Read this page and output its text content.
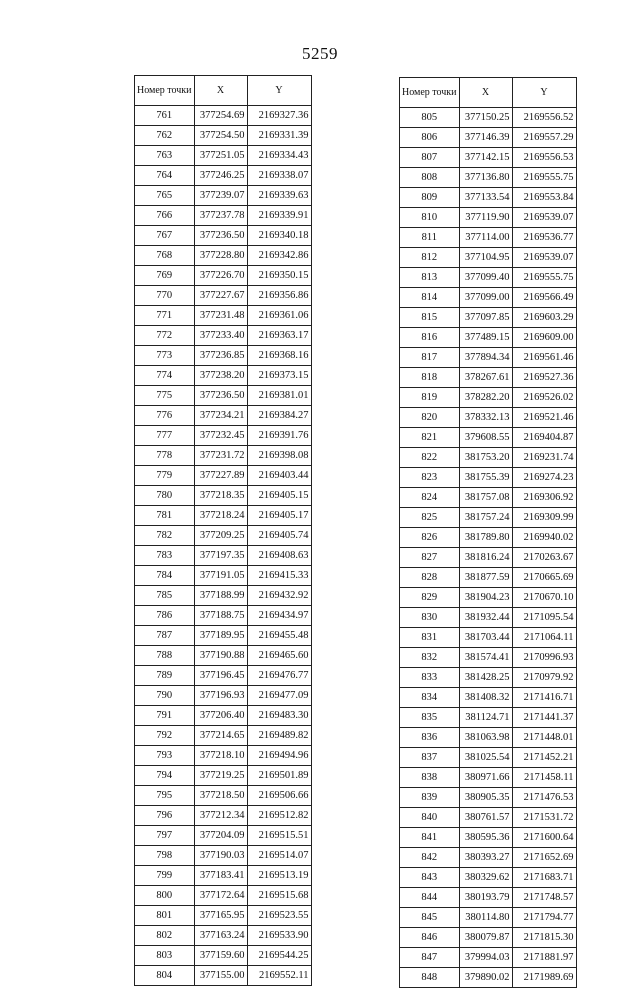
5259
Номер точки	X	Y
761	377254.69	2169327.36
762	377254.50	2169331.39
763	377251.05	2169334.43
764	377246.25	2169338.07
765	377239.07	2169339.63
766	377237.78	2169339.91
767	377236.50	2169340.18
768	377228.80	2169342.86
769	377226.70	2169350.15
770	377227.67	2169356.86
771	377231.48	2169361.06
772	377233.40	2169363.17
773	377236.85	2169368.16
774	377238.20	2169373.15
775	377236.50	2169381.01
776	377234.21	2169384.27
777	377232.45	2169391.76
778	377231.72	2169398.08
779	377227.89	2169403.44
780	377218.35	2169405.15
781	377218.24	2169405.17
782	377209.25	2169405.74
783	377197.35	2169408.63
784	377191.05	2169415.33
785	377188.99	2169432.92
786	377188.75	2169434.97
787	377189.95	2169455.48
788	377190.88	2169465.60
789	377196.45	2169476.77
790	377196.93	2169477.09
791	377206.40	2169483.30
792	377214.65	2169489.82
793	377218.10	2169494.96
794	377219.25	2169501.89
795	377218.50	2169506.66
796	377212.34	2169512.82
797	377204.09	2169515.51
798	377190.03	2169514.07
799	377183.41	2169513.19
800	377172.64	2169515.68
801	377165.95	2169523.55
802	377163.24	2169533.90
803	377159.60	2169544.25
804	377155.00	2169552.11
Номер точки	X	Y
805	377150.25	2169556.52
806	377146.39	2169557.29
807	377142.15	2169556.53
808	377136.80	2169555.75
809	377133.54	2169553.84
810	377119.90	2169539.07
811	377114.00	2169536.77
812	377104.95	2169539.07
813	377099.40	2169555.75
814	377099.00	2169566.49
815	377097.85	2169603.29
816	377489.15	2169609.00
817	377894.34	2169561.46
818	378267.61	2169527.36
819	378282.20	2169526.02
820	378332.13	2169521.46
821	379608.55	2169404.87
822	381753.20	2169231.74
823	381755.39	2169274.23
824	381757.08	2169306.92
825	381757.24	2169309.99
826	381789.80	2169940.02
827	381816.24	2170263.67
828	381877.59	2170665.69
829	381904.23	2170670.10
830	381932.44	2171095.54
831	381703.44	2171064.11
832	381574.41	2170996.93
833	381428.25	2170979.92
834	381408.32	2171416.71
835	381124.71	2171441.37
836	381063.98	2171448.01
837	381025.54	2171452.21
838	380971.66	2171458.11
839	380905.35	2171476.53
840	380761.57	2171531.72
841	380595.36	2171600.64
842	380393.27	2171652.69
843	380329.62	2171683.71
844	380193.79	2171748.57
845	380114.80	2171794.77
846	380079.87	2171815.30
847	379994.03	2171881.97
848	379890.02	2171989.69
